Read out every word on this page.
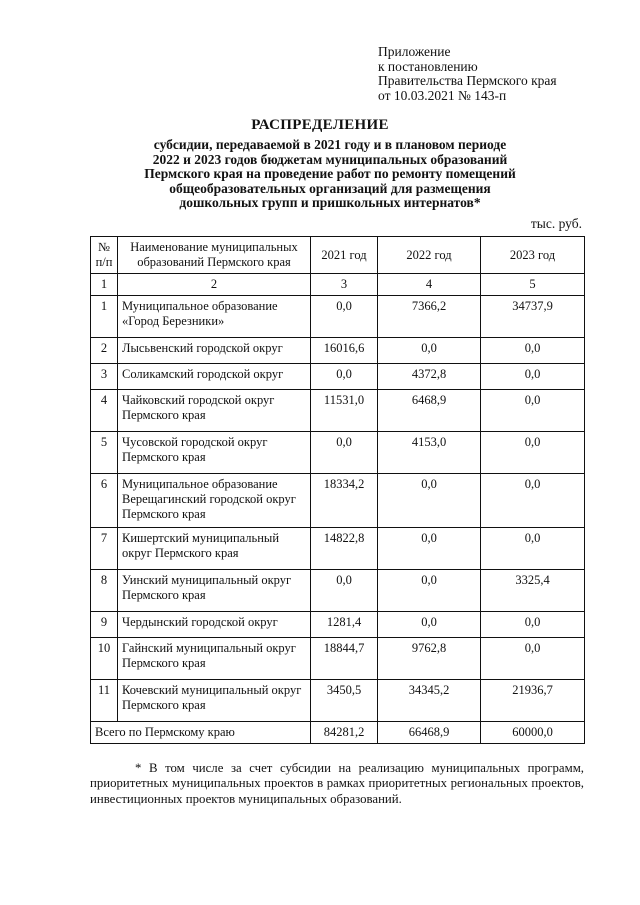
Приложение
к постановлению
Правительства Пермского края
от 10.03.2021 № 143-п
РАСПРЕДЕЛЕНИЕ
субсидии, передаваемой в 2021 году и в плановом периоде
2022 и 2023 годов бюджетам муниципальных образований
Пермского края на проведение работ по ремонту помещений
общеобразовательных организаций для размещения
дошкольных групп и пришкольных интернатов*
тыс. руб.
№ п/п	Наименование муниципальных образований Пермского края	2021 год	2022 год	2023 год
1	2	3	4	5
1	Муниципальное образование «Город Березники»	0,0	7366,2	34737,9
2	Лысьвенский городской округ	16016,6	0,0	0,0
3	Соликамский городской округ	0,0	4372,8	0,0
4	Чайковский городской округ Пермского края	11531,0	6468,9	0,0
5	Чусовской городской округ Пермского края	0,0	4153,0	0,0
6	Муниципальное образование Верещагинский городской округ Пермского края	18334,2	0,0	0,0
7	Кишертский муниципальный округ Пермского края	14822,8	0,0	0,0
8	Уинский муниципальный округ Пермского края	0,0	0,0	3325,4
9	Чердынский городской округ	1281,4	0,0	0,0
10	Гайнский муниципальный округ Пермского края	18844,7	9762,8	0,0
11	Кочевский муниципальный округ Пермского края	3450,5	34345,2	21936,7
Всего по Пермскому краю		84281,2	66468,9	60000,0

* В том числе за счет субсидии на реализацию муниципальных программ, приоритетных муниципальных проектов в рамках приоритетных региональных проектов, инвестиционных проектов муниципальных образований.
